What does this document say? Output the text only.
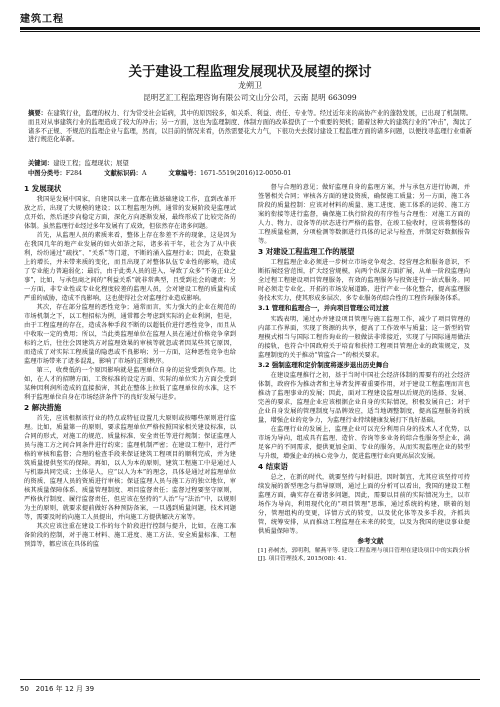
建筑工程
关于建设工程监理发展现状及展望的探讨
龙朔卫
昆明艺汇工程监理咨询有限公司文山分公司，云南 昆明 663099
摘要：在建筑行业，监理的权力、行为常受社会诟病，其中的原因较多，如关系、利益、责任、专业等。经过近年来的高协产业的蓬勃发展，已出现了机制期。而且对从事建筑行业的监理造成了较大的冲击；另一方面，这也为监理制度、体制方面的改革提供了一个重要的契机；随着这种大的建筑行业的“冲击”，淘汰了诸多不正规、不规范的监理企业与监理，然而，以目前的情况来看，仍然需要花大力气，下很功夫去探讨建设工程监理方面的诸多问题，以便找寻监理行业重新进行规范化革新。
关键词：建设工程；监理现状；展望
中图分类号：F284	文献标识码：A	文章编号：1671-5519(2016)12-0050-01
1 发展现状

我国是发展中国家，自建国以来一直都在做基础建设工作，直到改革开放之后，出现了大规模的建设；以工程监理为例，通常的发展阶段是监理试点开始，然后逐步向稳定方面，深化方向逐渐发展，最终形成了比较完备的体制。虽然监理行业经过多年发展有了成效，但依然存在诸多问题。

首先，从监理人员的素质来看，整体上存在参差不齐的现象，这是因为在我国几年的地产业发展的如火如荼之际，诸多若干年，社会为了从中获利，纷纷通过“疏找”、“关系”等门道，不断的涌入监理行业；因此，在数量上的增长，并未带来质的变化，而且出现了对整体队伍专业性的影响，造成了专业能力普遍弱化；最后，由于此类人员的进入，导致了众多“不务正业之事”，比如，与承包商之间的“利益关系”就非常典型，且受到社会的谴责；另一方面，非专业性或专业化程度较差的监理人员，会对建设工程的质量构成严重的威胁，造成不良影响，这也使得社会对监理行业造成影响。

其次，存在部分监理的恶性竞争；通常而言，实力强大的企业在规范的市场机制之下，以工程招标为例，通常都会考虑到实际的企业利润，但是，由于工程监理的存在，造成各种手段不断的以超低价进行恶性竞争，而且从中收取一定的费用；所以，当此类监理单位在监理人员在通过价格竞争拿到标的之后，往往会因建筑方对监理效果的审核等就忽或者因某些其它原因，而造成了对实际工程质量的隐患或不良影响；另一方面，这种恶性竞争也给监理市场带来了诸多混乱，影响了市场的正常秩序。

第三，收费低的一个原因影响就是监理单位自身的运营受到负作用。比如，在人才的招聘方面、工资标准的设定方面、实际的单位实力方面会受到某种因利润所造成的直接损害，其此在整体上拉低了监理单位的水准，这不利于监理单位自身在市场经济条件下的良好发展与进步。

2 解决措施

首先，应该根据该行业的特点或特征设置几大原则或按哪些原则进行监理。比如，质量第一的原则，要求监理单位严格按照国家相关建设标准，以合同的形式，对施工的规范、质量标准、安全责任等进行规制；保证监理人员与施工方之间合同条件进行约束；监理机制严密；在建设工程中，进行严格的审核和监督；合理的检查手段来保证建筑工程项目的顺利完成，并为建筑质量提供坚实的保障。再如，以人为本的原则，建筑工程施工中是通过人与机器共同完成；主体是人，应“以人为本”的理念，具体是通过对监理单位的资质、监理人员的资质进行审核；保证监理人员与施工方的独立地位，审核其质量保障体系、质量管理制度、项目监督责任；监督过程要坚守原则，严格执行制度、履行监督责任，但应该在坚持的“人治”与“法治”中，以规则为主的原则，就要求提前做好各种预防备案，一旦遇到质量问题，技术问题等，需要及时的向施工人员提出，并向施工方提供解决方案等。

其次应该注重在建设工作的每个阶段进行控制与提升，比如，在施工准备阶段的控制，对于施工材料、施工进度、施工方法、安全质量标准、工程预算等，都应该在具体的监

督与合理的意见；做好监理自身的监理方案，并与承包方进行协调，并签署相关合同；审核各方面的建设资质，确保施工质量；另一方面，施工各阶段的质量控制：应该对材料的质量、施工进度、施工体系的运转、施工方案的衔接等进行监督，确保施工执行阶段的有序性与合理性：对施工方面的人力、物力、设备等的状态进行严格的监督，在竣工验收时，应该将整体的工程质量检测，分项检测等数据进行具体的记录与检查，并制定好数据报告等。

3 对建设工程监理工作的展望

工程监理企业必须进一步树立市场竞争观念、经营理念和服务意识，不断拓展经营范围，扩大经营规模，向两个纵深方面扩展，从单一阶段监理向全过程工程建设项目管理服务，有效的监理服务与投资进行一站式服务。同时必须走专业化、开拓的市场发展道路，进行产业一体化整合，提高监理服务技术实力，使其形成多层次、多专业服务的综合性的工程咨询服务体系。

3.1 管理和监理合一，并向项目管理公司过渡

实践表明，通过办并建设项目管理与施工监理工作，减少了项目管理的内部工作界面，实现了资源的共享，提高了工作效率与质量；这一新型的管理模式相当与国际工程咨询业的一般做法非常接近，实现了与国际通用做法的接轨，也符合中国政府关于培育和扶持工程项目管理企业的政策规定，及监理制度的关于推动“管监合一”的相关要求。

3.2 强制监理和定价制度将逐步退出历史舞台

在建设监理推行之初，基于当时中国社会经济体制的需要有的社会经济体制，政府作为推动者和主导者发挥着重要作用，对于建设工程监理而言也推动了监理事业的发展；因此，面对工程建设监理以后规范的选择、发展、完善的要求，监理企业应该根据企业自身的实际情况，积极发展自己；对于企业自身发展的管理制度与品牌效应，适当地调整制度，提高监理服务的质量，增强企业的竞争力，为监理行业持续健康发展打下良好基础。

在监理行业的发展上，监理企业可以充分利用自身的技术人才优势，以市场为导向，组成具有监理、造价、咨询等多业务的综合性服务型企业，满足客户的不同需求，提供更加全面、专业的服务，从而实现监理企业的转型与升级，增强企业的核心竞争力，促进监理行业向更高层次发展。

4 结束语

总之，在新的时代，就要坚持与时俱进，因时制宜，尤其应该坚持可持续发展的新型理念与指导原则，通过上面的分析可以看出，我国的建设工程监理方面，确实存在着诸多问题，因此，需要以目前的实际情况为主，以市场作为导向，利用现代化的“项目管理”思维，通过系统的构建，联着的划分，管理组构的变更，详情方式的转变，以及优化体等及多手段，齐抓共管，统筹安排，从而推动工程监理在未来的转变，以及为我国的建设事业提供质量保障等。

参考文献

[1] 孙树杰，郭明利，解燕平等. 建设工程监理与项目管理在建设项目中的实践分析[J]. 项目管理技术, 2015(08): 41.

50 2016 年 12 月 39
